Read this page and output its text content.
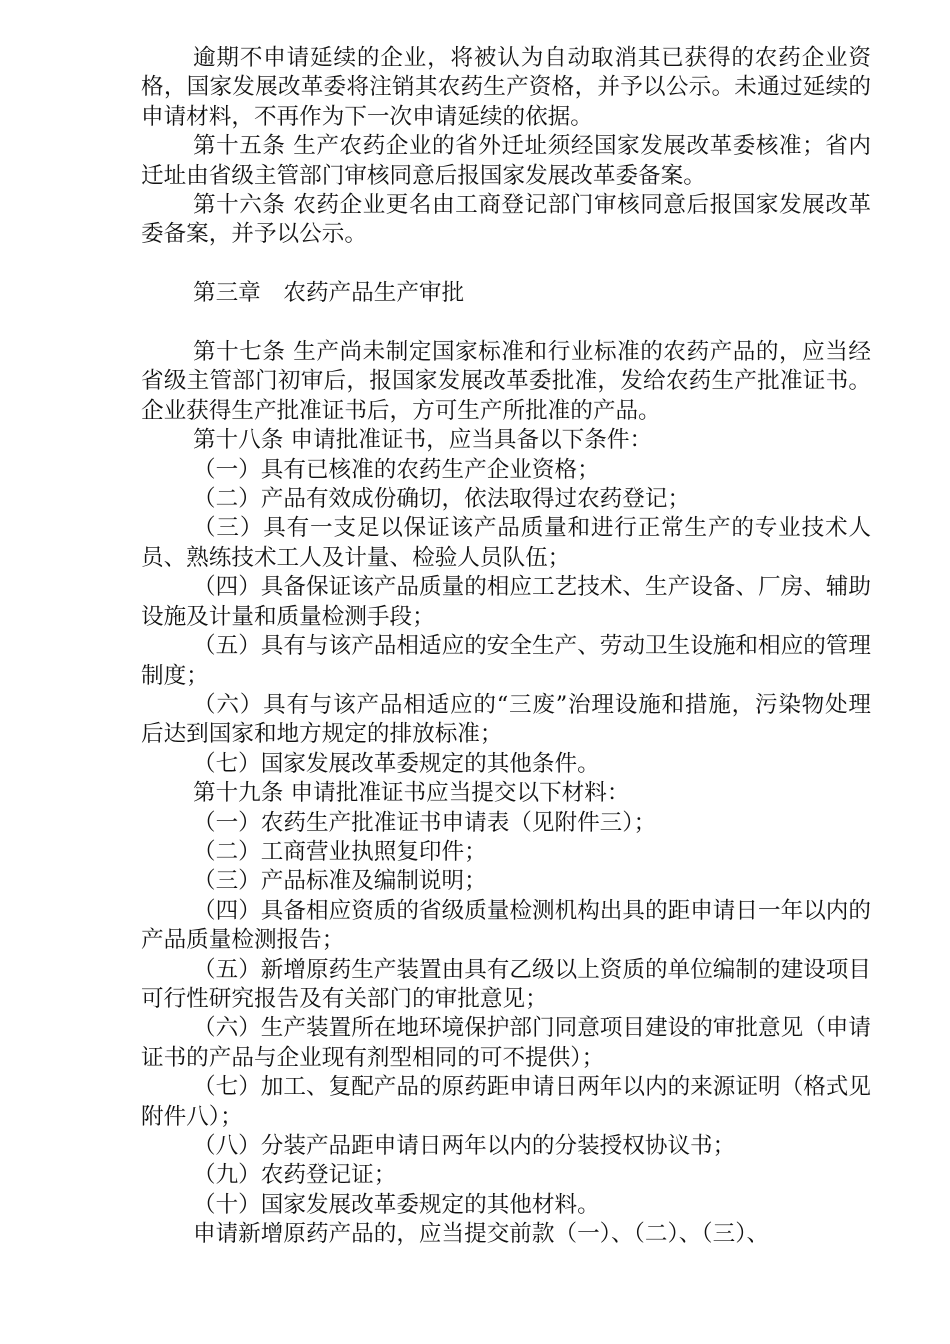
逾期不申请延续的企业，将被认为自动取消其已获得的农药企业资格，国家发展改革委将注销其农药生产资格，并予以公示。未通过延续的申请材料，不再作为下一次申请延续的依据。

第十五条 生产农药企业的省外迁址须经国家发展改革委核准；省内迁址由省级主管部门审核同意后报国家发展改革委备案。

第十六条 农药企业更名由工商登记部门审核同意后报国家发展改革委备案，并予以公示。

第三章　农药产品生产审批

第十七条 生产尚未制定国家标准和行业标准的农药产品的，应当经省级主管部门初审后，报国家发展改革委批准，发给农药生产批准证书。企业获得生产批准证书后，方可生产所批准的产品。

第十八条 申请批准证书，应当具备以下条件：

（一）具有已核准的农药生产企业资格；

（二）产品有效成份确切，依法取得过农药登记；

（三）具有一支足以保证该产品质量和进行正常生产的专业技术人员、熟练技术工人及计量、检验人员队伍；

（四）具备保证该产品质量的相应工艺技术、生产设备、厂房、辅助设施及计量和质量检测手段；

（五）具有与该产品相适应的安全生产、劳动卫生设施和相应的管理制度；

（六）具有与该产品相适应的“三废”治理设施和措施，污染物处理后达到国家和地方规定的排放标准；

（七）国家发展改革委规定的其他条件。

第十九条 申请批准证书应当提交以下材料：

（一）农药生产批准证书申请表（见附件三）；

（二）工商营业执照复印件；

（三）产品标准及编制说明；

（四）具备相应资质的省级质量检测机构出具的距申请日一年以内的产品质量检测报告；

（五）新增原药生产装置由具有乙级以上资质的单位编制的建设项目可行性研究报告及有关部门的审批意见；

（六）生产装置所在地环境保护部门同意项目建设的审批意见（申请证书的产品与企业现有剂型相同的可不提供）；

（七）加工、复配产品的原药距申请日两年以内的来源证明（格式见附件八）；

（八）分装产品距申请日两年以内的分装授权协议书；

（九）农药登记证；

（十）国家发展改革委规定的其他材料。

申请新增原药产品的，应当提交前款（一）、（二）、（三）、
